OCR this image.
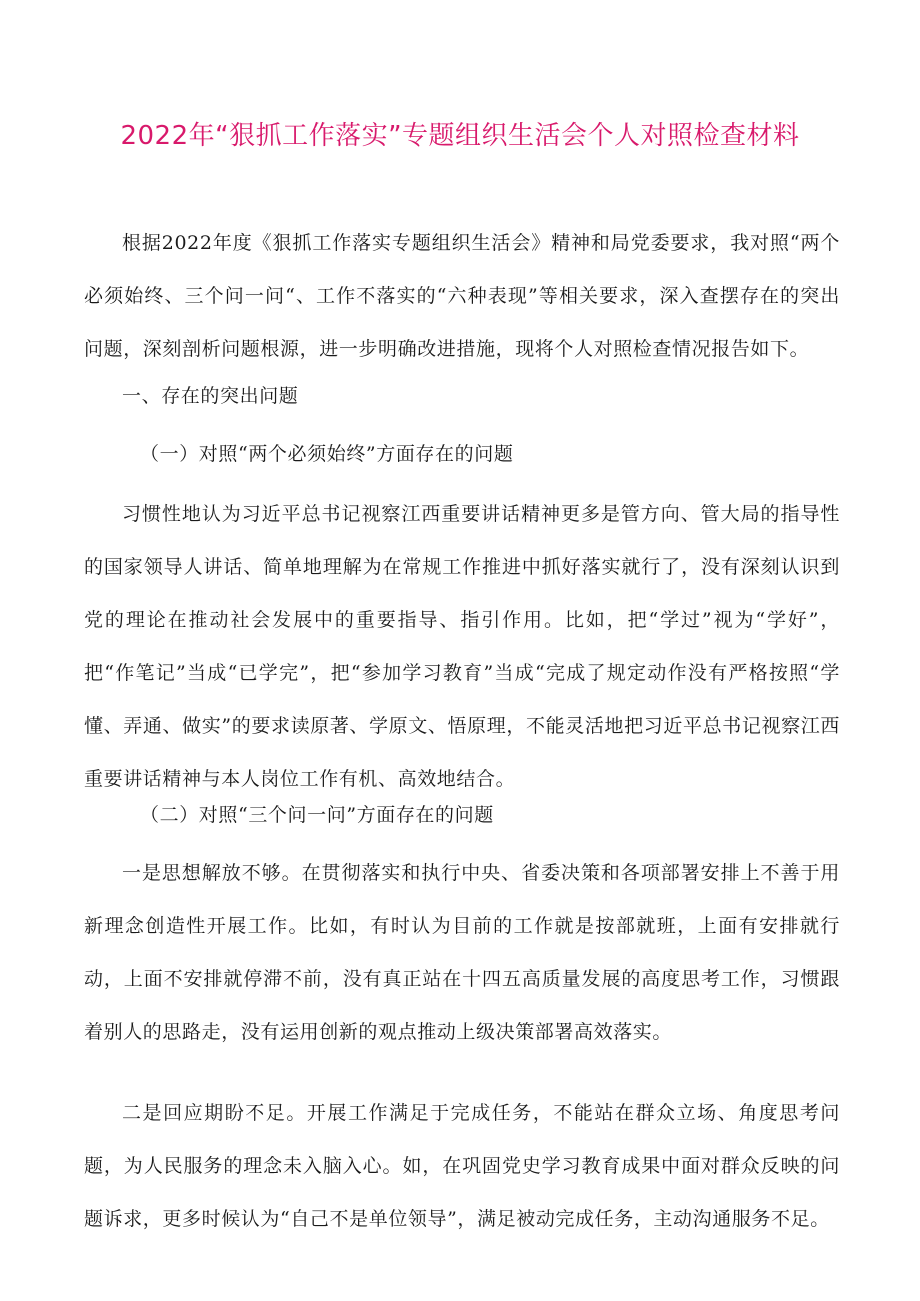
2022年“狠抓工作落实”专题组织生活会个人对照检查材料

根据2022年度《狠抓工作落实专题组织生活会》精神和局党委要求，我对照“两个必须始终、三个问一问“、工作不落实的“六种表现”等相关要求，深入查摆存在的突出问题，深刻剖析问题根源，进一步明确改进措施，现将个人对照检查情况报告如下。

一、存在的突出问题

（一）对照“两个必须始终”方面存在的问题

习惯性地认为习近平总书记视察江西重要讲话精神更多是管方向、管大局的指导性的国家领导人讲话、简单地理解为在常规工作推进中抓好落实就行了，没有深刻认识到党的理论在推动社会发展中的重要指导、指引作用。比如，把“学过”视为“学好”，把“作笔记”当成“已学完”，把“参加学习教育”当成“完成了规定动作没有严格按照“学懂、弄通、做实”的要求读原著、学原文、悟原理，不能灵活地把习近平总书记视察江西重要讲话精神与本人岗位工作有机、高效地结合。

（二）对照“三个问一问”方面存在的问题

一是思想解放不够。在贯彻落实和执行中央、省委决策和各项部署安排上不善于用新理念创造性开展工作。比如，有时认为目前的工作就是按部就班，上面有安排就行动，上面不安排就停滞不前，没有真正站在十四五高质量发展的高度思考工作，习惯跟着别人的思路走，没有运用创新的观点推动上级决策部署高效落实。

二是回应期盼不足。开展工作满足于完成任务，不能站在群众立场、角度思考问题，为人民服务的理念未入脑入心。如，在巩固党史学习教育成果中面对群众反映的问题诉求，更多时候认为“自己不是单位领导”，满足被动完成任务，主动沟通服务不足。
